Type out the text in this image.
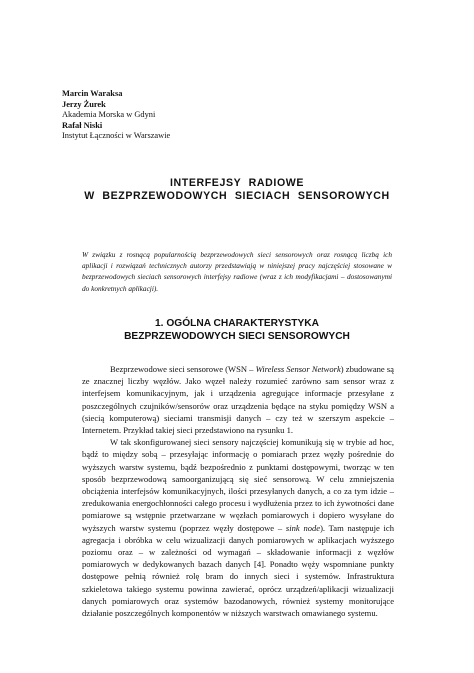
Marcin Waraksa
Jerzy Żurek
Akademia Morska w Gdyni
Rafał Niski
Instytut Łączności w Warszawie
INTERFEJSY RADIOWE
W BEZPRZEWODOWYCH SIECIACH SENSOROWYCH
W związku z rosnącą popularnością bezprzewodowych sieci sensorowych oraz rosnącą liczbą ich aplikacji i rozwiązań technicznych autorzy przedstawiają w niniejszej pracy najczęściej stosowane w bezprzewodowych sieciach sensorowych interfejsy radiowe (wraz z ich modyfikacjami – dostosowanymi do konkretnych aplikacji).
1. OGÓLNA CHARAKTERYSTYKA
BEZPRZEWODOWYCH SIECI SENSOROWYCH

Bezprzewodowe sieci sensorowe (WSN – Wireless Sensor Network) zbudowane są ze znacznej liczby węzłów. Jako węzeł należy rozumieć zarówno sam sensor wraz z interfejsem komunikacyjnym, jak i urządzenia agregujące informacje przesyłane z poszczególnych czujników/sensorów oraz urządzenia będące na styku pomiędzy WSN a (siecią komputerową) sieciami transmisji danych – czy też w szerszym aspekcie – Internetem. Przykład takiej sieci przedstawiono na rysunku 1.

W tak skonfigurowanej sieci sensory najczęściej komunikują się w trybie ad hoc, bądź to między sobą – przesyłając informację o pomiarach przez węzły pośrednie do wyższych warstw systemu, bądź bezpośrednio z punktami dostępowymi, tworząc w ten sposób bezprzewodową samoorganizującą się sieć sensorową. W celu zmniejszenia obciążenia interfejsów komunikacyjnych, ilości przesyłanych danych, a co za tym idzie – zredukowania energochłonności całego procesu i wydłużenia przez to ich żywotności dane pomiarowe są wstępnie przetwarzane w węzłach pomiarowych i dopiero wysyłane do wyższych warstw systemu (poprzez węzły dostępowe – sink node). Tam następuje ich agregacja i obróbka w celu wizualizacji danych pomiarowych w aplikacjach wyższego poziomu oraz – w zależności od wymagań – składowanie informacji z węzłów pomiarowych w dedykowanych bazach danych [4]. Ponadto węży wspomniane punkty dostępowe pełnią również rolę bram do innych sieci i systemów. Infrastruktura szkieletowa takiego systemu powinna zawierać, oprócz urządzeń/aplikacji wizualizacji danych pomiarowych oraz systemów bazodanowych, również systemy monitorujące działanie poszczególnych komponentów w niższych warstwach omawianego systemu.
